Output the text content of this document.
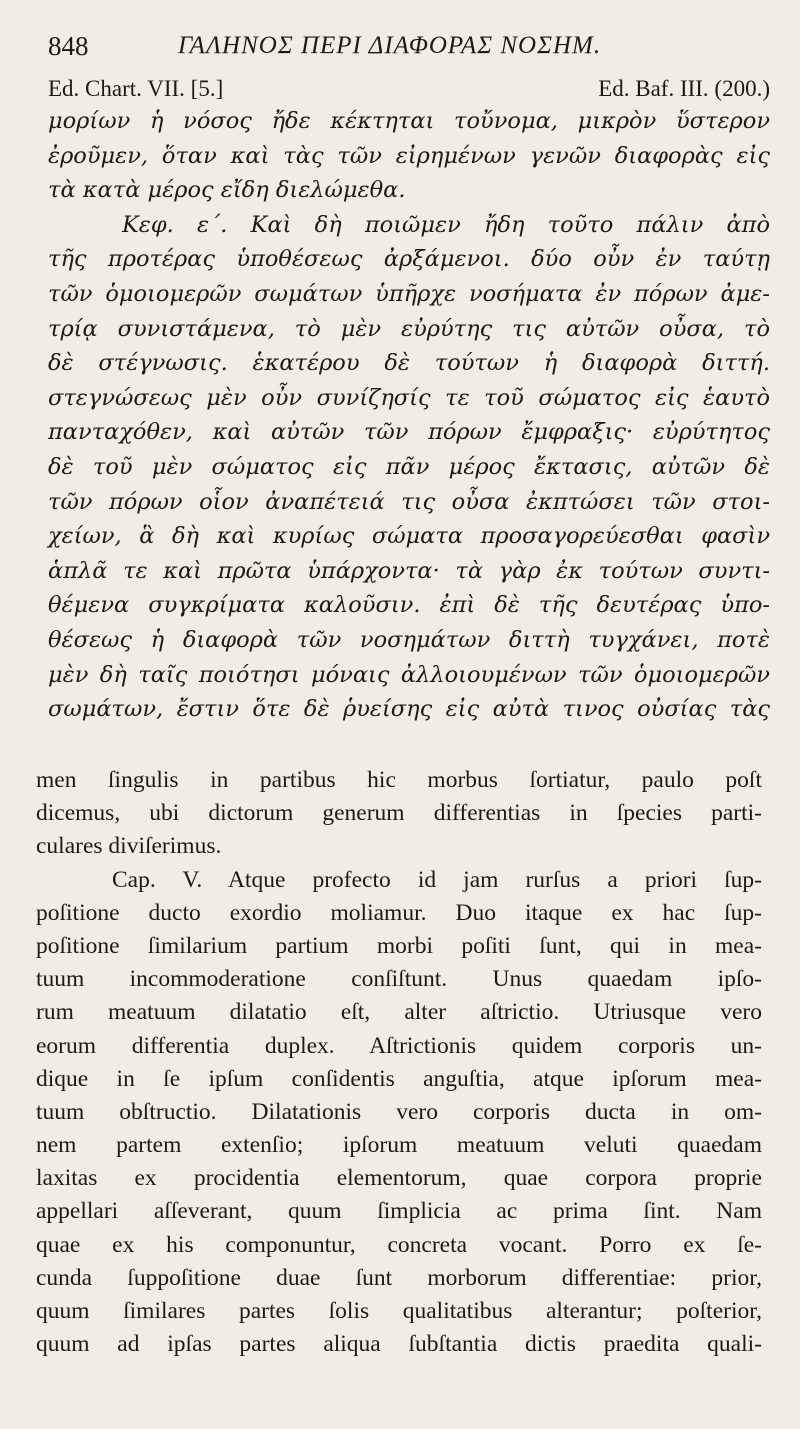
848	ΓΑΛΗΝΟΣ ΠΕΡΙ ΔΙΑΦΟΡΑΣ ΝΟΣΗΜ.
Ed. Chart. VII. [5.]	Ed. Baf. III. (200.)
μορίων ἡ νόσος ἤδε κέκτηται τοὔνομα, μικρὸν ὕστερον
ἐροῦμεν, ὅταν καὶ τὰς τῶν εἰρημένων γενῶν διαφορὰς εἰς
τὰ κατὰ μέρος εἴδη διελώμεθα.
Κεφ. ε΄. Καὶ δὴ ποιῶμεν ἤδη τοῦτο πάλιν ἀπὸ
τῆς προτέρας ὑποθέσεως ἀρξάμενοι. δύο οὖν ἐν ταύτῃ
τῶν ὁμοιομερῶν σωμάτων ὑπῆρχε νοσήματα ἐν πόρων ἀμε-
τρίᾳ συνιστάμενα, τὸ μὲν εὐρύτης τις αὐτῶν οὖσα, τὸ
δὲ στέγνωσις. ἑκατέρου δὲ τούτων ἡ διαφορὰ διττή.
στεγνώσεως μὲν οὖν συνίζησίς τε τοῦ σώματος εἰς ἑαυτὸ
πανταχόθεν, καὶ αὐτῶν τῶν πόρων ἔμφραξις· εὐρύτητος
δὲ τοῦ μὲν σώματος εἰς πᾶν μέρος ἔκτασις, αὐτῶν δὲ
τῶν πόρων οἷον ἀναπέτειά τις οὖσα ἐκπτώσει τῶν στοι-
χείων, ἃ δὴ καὶ κυρίως σώματα προσαγορεύεσθαι φασὶν
ἁπλᾶ τε καὶ πρῶτα ὑπάρχοντα· τὰ γὰρ ἐκ τούτων συντι-
θέμενα συγκρίματα καλοῦσιν. ἐπὶ δὲ τῆς δευτέρας ὑπο-
θέσεως ἡ διαφορὰ τῶν νοσημάτων διττὴ τυγχάνει, ποτὲ
μὲν δὴ ταῖς ποιότησι μόναις ἀλλοιουμένων τῶν ὁμοιομερῶν
σωμάτων, ἔστιν ὅτε δὲ ῥυείσης εἰς αὐτὰ τινος οὐσίας τὰς
men ſingulis in partibus hic morbus ſortiatur, paulo poſt
dicemus, ubi dictorum generum differentias in ſpecies parti-
culares diviſerimus.
Cap. V. Atque profecto id jam rurſus a priori ſup-
poſitione ducto exordio moliamur. Duo itaque ex hac ſup-
poſitione ſimilarium partium morbi poſiti ſunt, qui in mea-
tuum incommoderatione conſiſtunt. Unus quaedam ipſo-
rum meatuum dilatatio eſt, alter aſtrictio. Utriusque vero
eorum differentia duplex. Aſtrictionis quidem corporis un-
dique in ſe ipſum conſidentis anguſtia, atque ipſorum mea-
tuum obſtructio. Dilatationis vero corporis ducta in om-
nem partem extenſio; ipſorum meatuum veluti quaedam
laxitas ex procidentia elementorum, quae corpora proprie
appellari aſſeverant, quum ſimplicia ac prima ſint. Nam
quae ex his componuntur, concreta vocant. Porro ex ſe-
cunda ſuppoſitione duae ſunt morborum differentiae: prior,
quum ſimilares partes ſolis qualitatibus alterantur; poſterior,
quum ad ipſas partes aliqua ſubſtantia dictis praedita quali-
